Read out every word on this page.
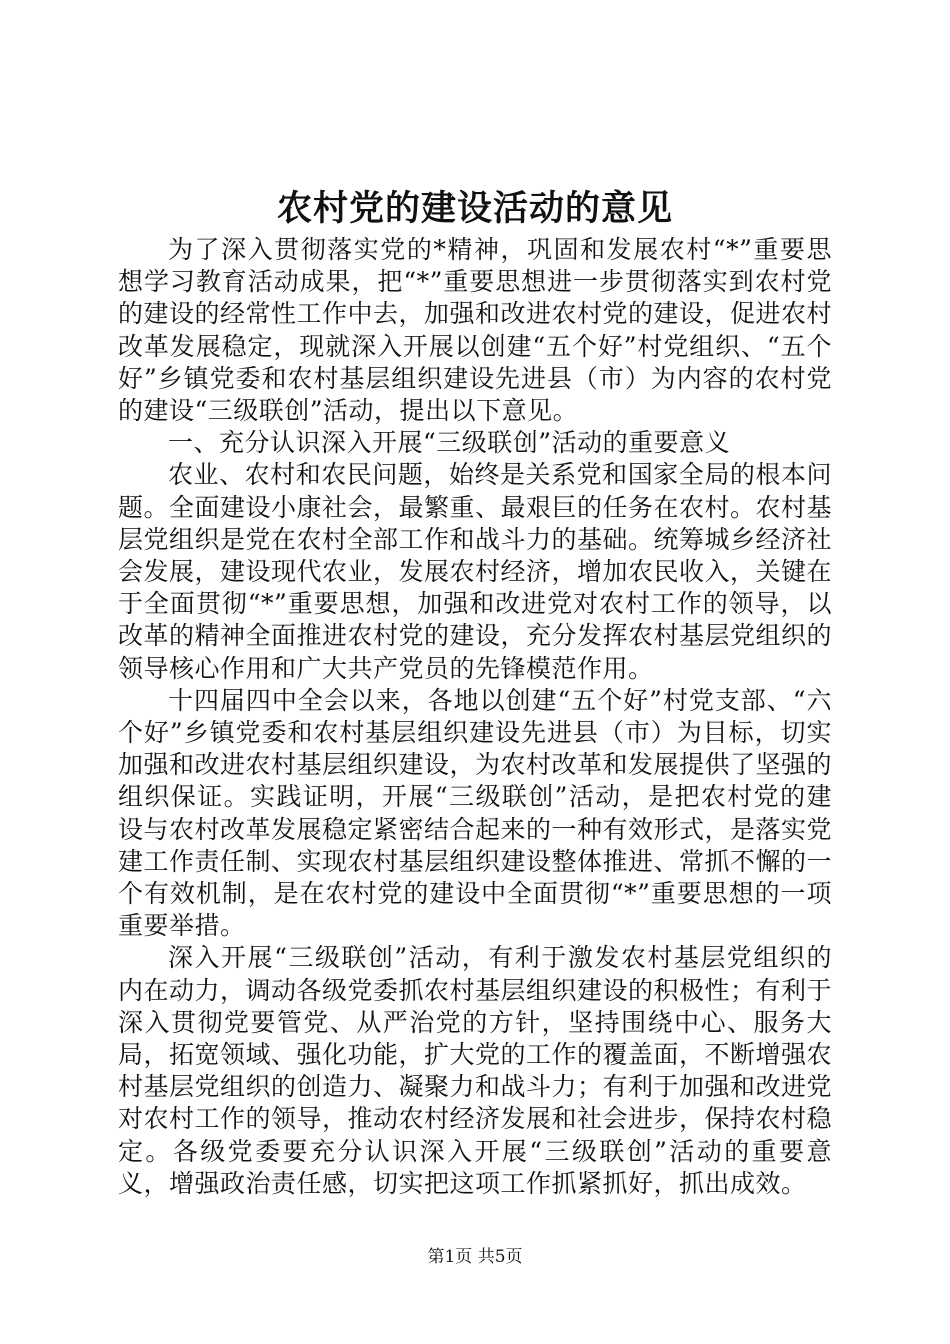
农村党的建设活动的意见

为了深入贯彻落实党的*精神，巩固和发展农村“*”重要思想学习教育活动成果，把“*”重要思想进一步贯彻落实到农村党的建设的经常性工作中去，加强和改进农村党的建设，促进农村改革发展稳定，现就深入开展以创建“五个好”村党组织、“五个好”乡镇党委和农村基层组织建设先进县（市）为内容的农村党的建设“三级联创”活动，提出以下意见。

一、充分认识深入开展“三级联创”活动的重要意义

农业、农村和农民问题，始终是关系党和国家全局的根本问题。全面建设小康社会，最繁重、最艰巨的任务在农村。农村基层党组织是党在农村全部工作和战斗力的基础。统筹城乡经济社会发展，建设现代农业，发展农村经济，增加农民收入，关键在于全面贯彻“*”重要思想，加强和改进党对农村工作的领导，以改革的精神全面推进农村党的建设，充分发挥农村基层党组织的领导核心作用和广大共产党员的先锋模范作用。

十四届四中全会以来，各地以创建“五个好”村党支部、“六个好”乡镇党委和农村基层组织建设先进县（市）为目标，切实加强和改进农村基层组织建设，为农村改革和发展提供了坚强的组织保证。实践证明，开展“三级联创”活动，是把农村党的建设与农村改革发展稳定紧密结合起来的一种有效形式，是落实党建工作责任制、实现农村基层组织建设整体推进、常抓不懈的一个有效机制，是在农村党的建设中全面贯彻“*”重要思想的一项重要举措。

深入开展“三级联创”活动，有利于激发农村基层党组织的内在动力，调动各级党委抓农村基层组织建设的积极性；有利于深入贯彻党要管党、从严治党的方针，坚持围绕中心、服务大局，拓宽领域、强化功能，扩大党的工作的覆盖面，不断增强农村基层党组织的创造力、凝聚力和战斗力；有利于加强和改进党对农村工作的领导，推动农村经济发展和社会进步，保持农村稳定。各级党委要充分认识深入开展“三级联创”活动的重要意义，增强政治责任感，切实把这项工作抓紧抓好，抓出成效。

第1页 共5页
